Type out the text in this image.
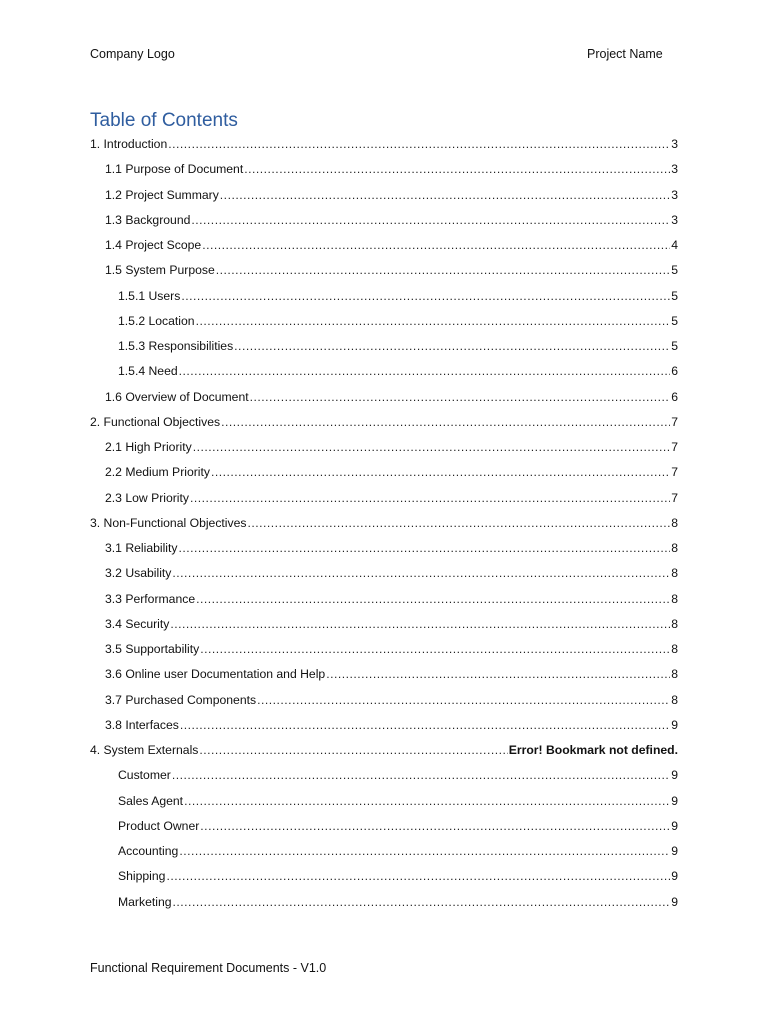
Company Logo	Project Name
Table of Contents
1. Introduction .....	3
1.1 Purpose of Document .....	3
1.2 Project Summary .....	3
1.3 Background .....	3
1.4 Project Scope .....	4
1.5 System Purpose .....	5
1.5.1 Users .....	5
1.5.2 Location .....	5
1.5.3 Responsibilities .....	5
1.5.4 Need .....	6
1.6 Overview of Document .....	6
2. Functional Objectives .....	7
2.1 High Priority .....	7
2.2 Medium Priority .....	7
2.3 Low Priority .....	7
3. Non-Functional Objectives .....	8
3.1 Reliability .....	8
3.2 Usability .....	8
3.3 Performance .....	8
3.4 Security .....	8
3.5 Supportability .....	8
3.6 Online user Documentation and Help .....	8
3.7 Purchased Components .....	8
3.8 Interfaces .....	9
4. System Externals .....	Error! Bookmark not defined.
Customer .....	9
Sales Agent .....	9
Product Owner .....	9
Accounting .....	9
Shipping .....	9
Marketing .....	9
Functional Requirement Documents - V1.0
